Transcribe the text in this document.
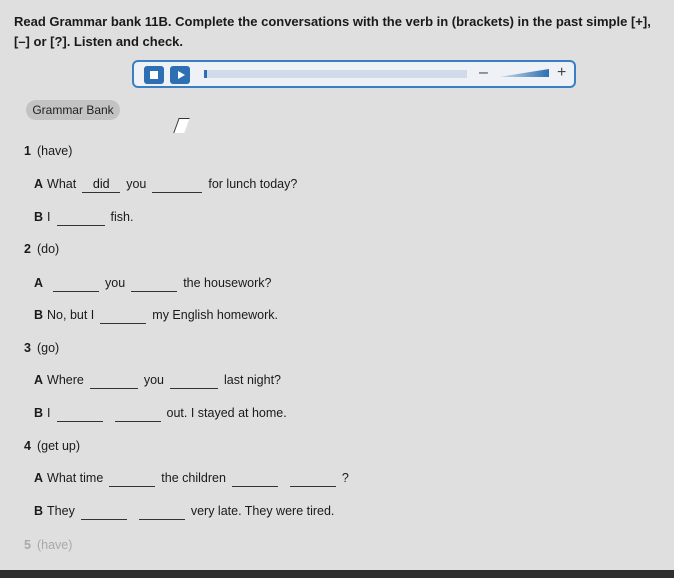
Read Grammar bank 11B. Complete the conversations with the verb in (brackets) in the past simple [+], [–] or [?]. Listen and check.
–	+
Grammar Bank
1 (have)
A What did you	for lunch today?
B I	fish.
2 (do)
A	you	the housework?
B No, but I	my English homework.
3 (go)
A Where	you	last night?
B I	out. I stayed at home.
4 (get up)
A What time	the children	?
B They	very late. They were tired.
5 (have)
